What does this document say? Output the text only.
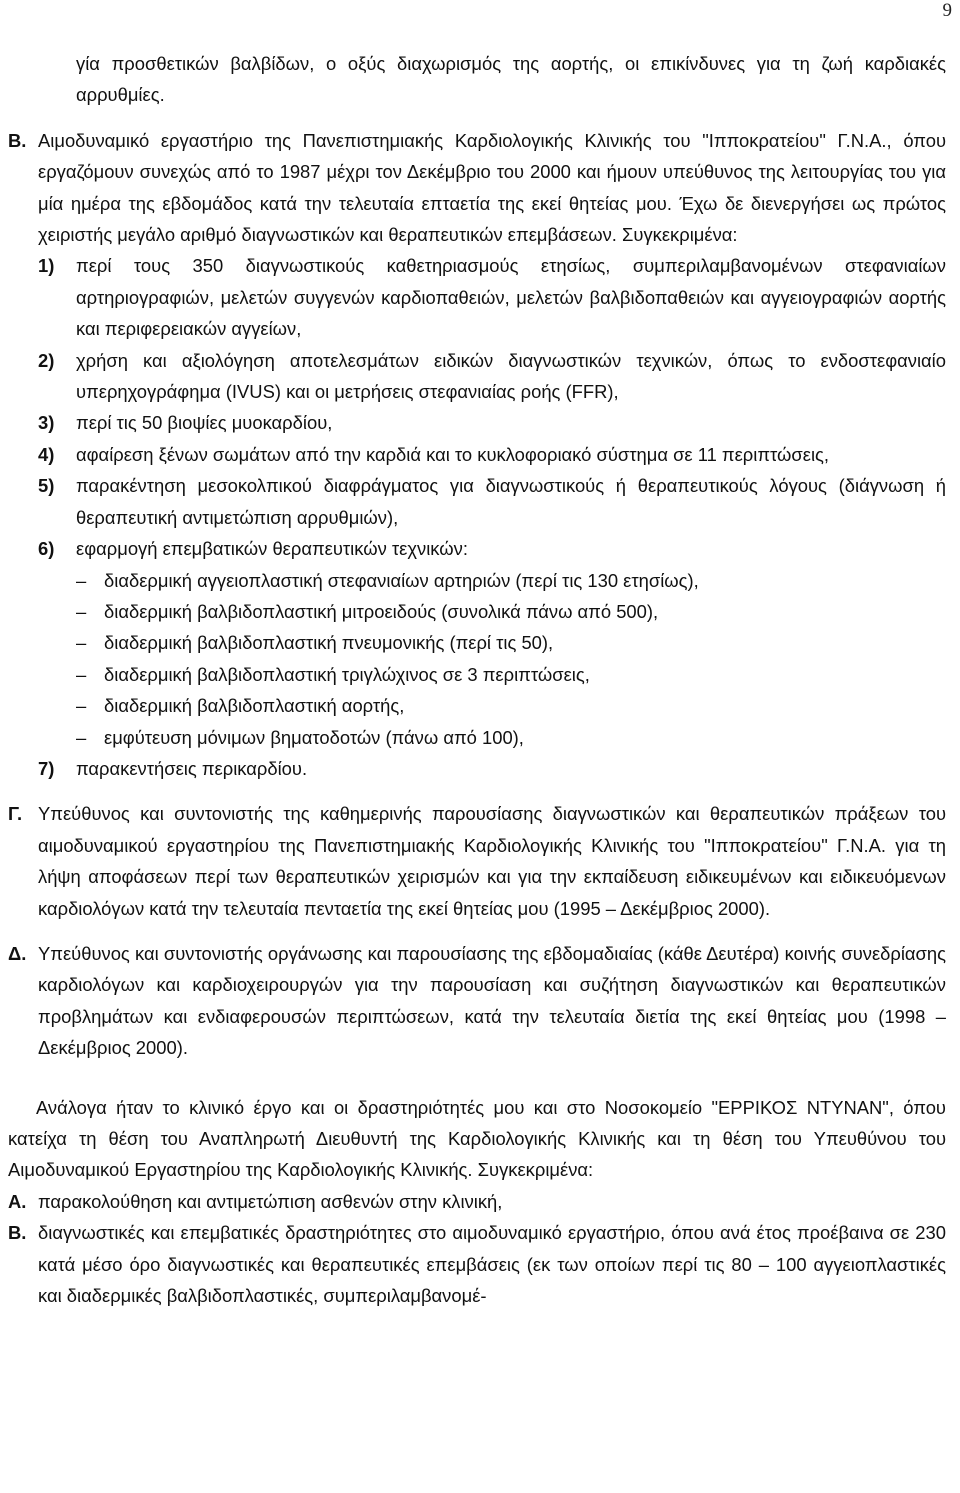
9

γία προσθετικών βαλβίδων, ο οξύς διαχωρισμός της αορτής, οι επικίνδυνες για τη ζωή καρδιακές αρρυθμίες.

Β. Αιμοδυναμικό εργαστήριο της Πανεπιστημιακής Καρδιολογικής Κλινικής του "Ιπποκρατείου" Γ.Ν.Α., όπου εργαζόμουν συνεχώς από το 1987 μέχρι τον Δεκέμβριο του 2000 και ήμουν υπεύθυνος της λειτουργίας του για μία ημέρα της εβδομάδος κατά την τελευταία επταετία της εκεί θητείας μου. Έχω δε διενεργήσει ως πρώτος χειριστής μεγάλο αριθμό διαγνωστικών και θεραπευτικών επεμβάσεων. Συγκεκριμένα:

1)	περί τους 350 διαγνωστικούς καθετηριασμούς ετησίως, συμπεριλαμβανομένων στεφανιαίων αρτηριογραφιών, μελετών συγγενών καρδιοπαθειών, μελετών βαλβιδοπαθειών και αγγειογραφιών αορτής και περιφερειακών αγγείων,

2)	χρήση και αξιολόγηση αποτελεσμάτων ειδικών διαγνωστικών τεχνικών, όπως το ενδοστεφανιαίο υπερηχογράφημα (IVUS) και οι μετρήσεις στεφανιαίας ροής (FFR),

3)	περί τις 50 βιοψίες μυοκαρδίου,

4)	αφαίρεση ξένων σωμάτων από την καρδιά και το κυκλοφοριακό σύστημα σε 11 περιπτώσεις,

5)	παρακέντηση μεσοκολπικού διαφράγματος για διαγνωστικούς ή θεραπευτικούς λόγους (διάγνωση ή θεραπευτική αντιμετώπιση αρρυθμιών),

6)	εφαρμογή επεμβατικών θεραπευτικών τεχνικών:

– διαδερμική αγγειοπλαστική στεφανιαίων αρτηριών (περί τις 130 ετησίως),

– διαδερμική βαλβιδοπλαστική μιτροειδούς (συνολικά πάνω από 500),

– διαδερμική βαλβιδοπλαστική πνευμονικής (περί τις 50),

– διαδερμική βαλβιδοπλαστική τριγλώχινος σε 3 περιπτώσεις,

– διαδερμική βαλβιδοπλαστική αορτής,

– εμφύτευση μόνιμων βηματοδοτών (πάνω από 100),

7)	παρακεντήσεις περικαρδίου.

Γ. Υπεύθυνος και συντονιστής της καθημερινής παρουσίασης διαγνωστικών και θεραπευτικών πράξεων του αιμοδυναμικού εργαστηρίου της Πανεπιστημιακής Καρδιολογικής Κλινικής του "Ιπποκρατείου" Γ.Ν.Α. για τη λήψη αποφάσεων περί των θεραπευτικών χειρισμών και για την εκπαίδευση ειδικευμένων και ειδικευόμενων καρδιολόγων κατά την τελευταία πενταετία της εκεί θητείας μου (1995 – Δεκέμβριος 2000).

Δ. Υπεύθυνος και συντονιστής οργάνωσης και παρουσίασης της εβδομαδιαίας (κάθε Δευτέρα) κοινής συνεδρίασης καρδιολόγων και καρδιοχειρουργών για την παρουσίαση και συζήτηση διαγνωστικών και θεραπευτικών προβλημάτων και ενδιαφερουσών περιπτώσεων, κατά την τελευταία διετία της εκεί θητείας μου (1998 – Δεκέμβριος 2000).

Ανάλογα ήταν το κλινικό έργο και οι δραστηριότητές μου και στο Νοσοκομείο "ΕΡΡΙΚΟΣ ΝΤΥΝΑΝ", όπου κατείχα τη θέση του Αναπληρωτή Διευθυντή της Καρδιολογικής Κλινικής και τη θέση του Υπευθύνου του Αιμοδυναμικού Εργαστηρίου της Καρδιολογικής Κλινικής. Συγκεκριμένα:

Α. παρακολούθηση και αντιμετώπιση ασθενών στην κλινική,

Β. διαγνωστικές και επεμβατικές δραστηριότητες στο αιμοδυναμικό εργαστήριο, όπου ανά έτος προέβαινα σε 230 κατά μέσο όρο διαγνωστικές και θεραπευτικές επεμβάσεις (εκ των οποίων περί τις 80 – 100 αγγειοπλαστικές και διαδερμικές βαλβιδοπλαστικές, συμπεριλαμβανομέ-
